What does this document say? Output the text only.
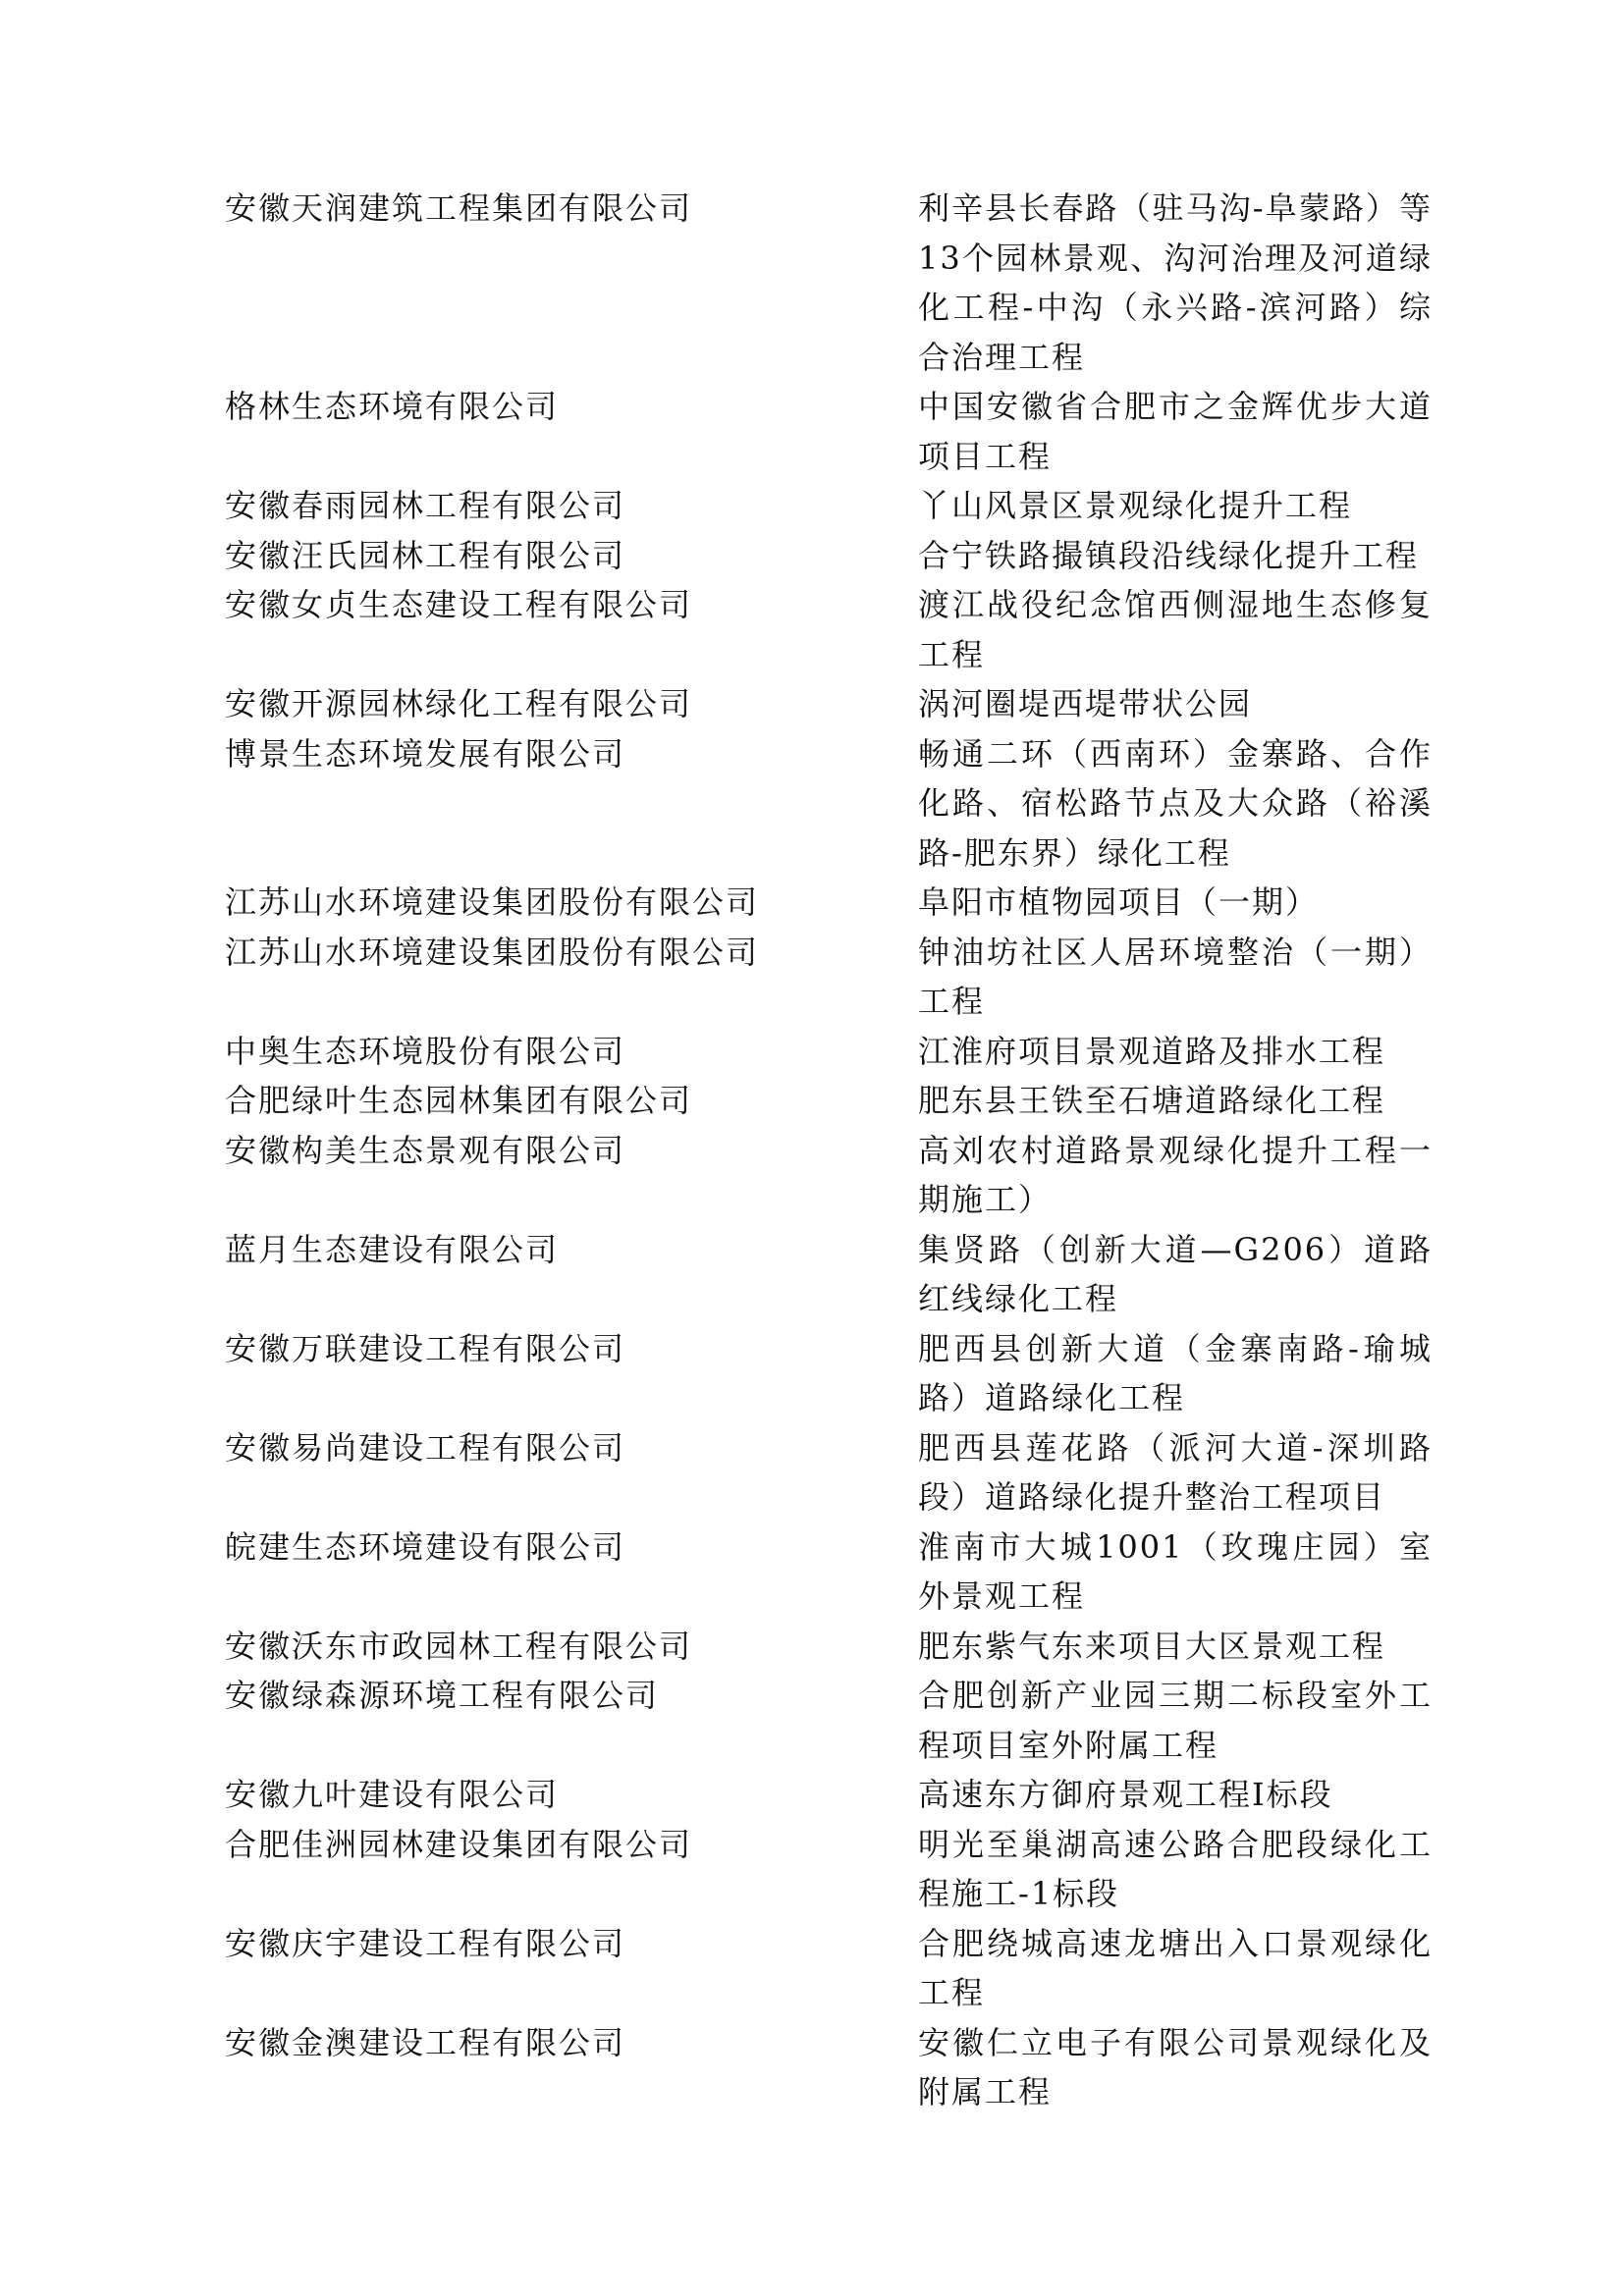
安徽天润建筑工程集团有限公司	利辛县长春路（驻马沟-阜蒙路）等13个园林景观、沟河治理及河道绿化工程-中沟（永兴路-滨河路）综合治理工程
格林生态环境有限公司	中国安徽省合肥市之金辉优步大道项目工程
安徽春雨园林工程有限公司	丫山风景区景观绿化提升工程
安徽汪氏园林工程有限公司	合宁铁路撮镇段沿线绿化提升工程
安徽女贞生态建设工程有限公司	渡江战役纪念馆西侧湿地生态修复工程
安徽开源园林绿化工程有限公司	涡河圈堤西堤带状公园
博景生态环境发展有限公司	畅通二环（西南环）金寨路、合作化路、宿松路节点及大众路（裕溪路-肥东界）绿化工程
江苏山水环境建设集团股份有限公司	阜阳市植物园项目（一期）
江苏山水环境建设集团股份有限公司	钟油坊社区人居环境整治（一期）工程
中奥生态环境股份有限公司	江淮府项目景观道路及排水工程
合肥绿叶生态园林集团有限公司	肥东县王铁至石塘道路绿化工程
安徽构美生态景观有限公司	高刘农村道路景观绿化提升工程一期施工）
蓝月生态建设有限公司	集贤路（创新大道—G206）道路红线绿化工程
安徽万联建设工程有限公司	肥西县创新大道（金寨南路-瑜城路）道路绿化工程
安徽易尚建设工程有限公司	肥西县莲花路（派河大道-深圳路段）道路绿化提升整治工程项目
皖建生态环境建设有限公司	淮南市大城1001（玫瑰庄园）室外景观工程
安徽沃东市政园林工程有限公司	肥东紫气东来项目大区景观工程
安徽绿森源环境工程有限公司	合肥创新产业园三期二标段室外工程项目室外附属工程
安徽九叶建设有限公司	高速东方御府景观工程Ⅰ标段
合肥佳洲园林建设集团有限公司	明光至巢湖高速公路合肥段绿化工程施工-1标段
安徽庆宇建设工程有限公司	合肥绕城高速龙塘出入口景观绿化工程
安徽金澳建设工程有限公司	安徽仁立电子有限公司景观绿化及附属工程
